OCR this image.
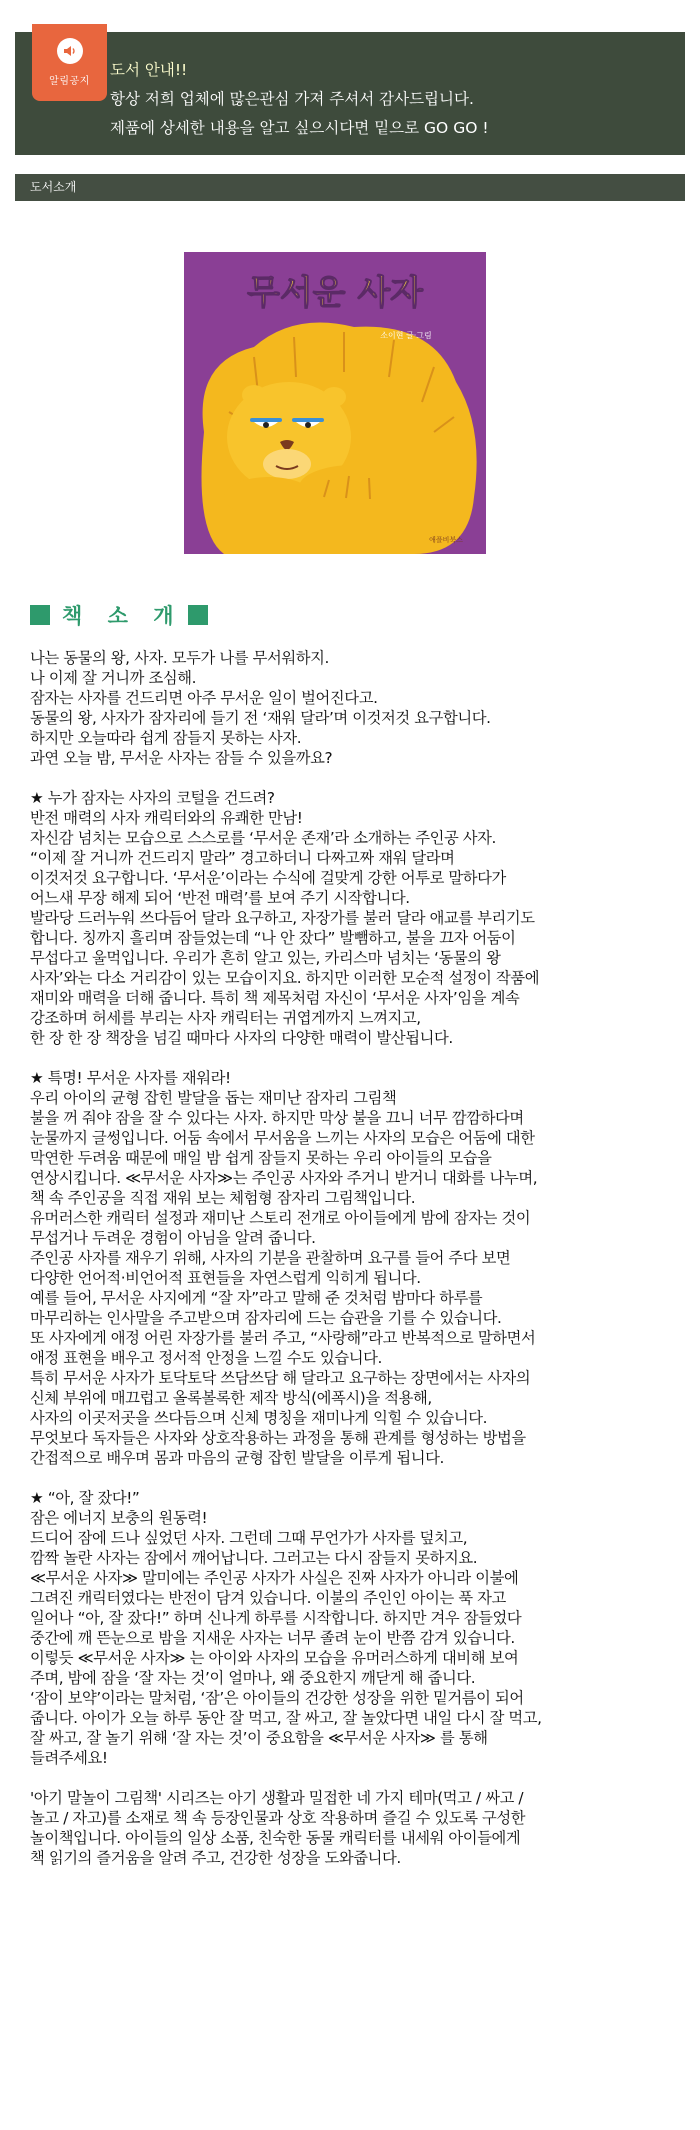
알림공지
도서 안내!!
항상 저희 업체에 많은관심 가져 주셔서 감사드립니다.
제품에 상세한 내용을 알고 싶으시다면 밑으로 GO GO !
도서소개
무서운 사자
소이현 글·그림
애플비북스
책 소 개
나는 동물의 왕, 사자. 모두가 나를 무서워하지.
나 이제 잘 거니까 조심해.
잠자는 사자를 건드리면 아주 무서운 일이 벌어진다고.
동물의 왕, 사자가 잠자리에 들기 전 ‘재워 달라’며 이것저것 요구합니다.
하지만 오늘따라 쉽게 잠들지 못하는 사자.
과연 오늘 밤, 무서운 사자는 잠들 수 있을까요?
★ 누가 잠자는 사자의 코털을 건드려?
반전 매력의 사자 캐릭터와의 유쾌한 만남!
자신감 넘치는 모습으로 스스로를 ‘무서운 존재’라 소개하는 주인공 사자.
“이제 잘 거니까 건드리지 말라” 경고하더니 다짜고짜 재워 달라며
이것저것 요구합니다. ‘무서운’이라는 수식에 걸맞게 강한 어투로 말하다가
어느새 무장 해제 되어 ‘반전 매력’를 보여 주기 시작합니다.
발라당 드러누워 쓰다듬어 달라 요구하고, 자장가를 불러 달라 애교를 부리기도
합니다. 칭까지 흘리며 잠들었는데 “나 안 잤다” 발뺌하고, 불을 끄자 어둠이
무섭다고 울먹입니다. 우리가 흔히 알고 있는, 카리스마 넘치는 ‘동물의 왕
사자’와는 다소 거리감이 있는 모습이지요. 하지만 이러한 모순적 설정이 작품에
재미와 매력을 더해 줍니다. 특히 책 제목처럼 자신이 ‘무서운 사자’임을 계속
강조하며 허세를 부리는 사자 캐릭터는 귀엽게까지 느껴지고,
한 장 한 장 책장을 넘길 때마다 사자의 다양한 매력이 발산됩니다.
★ 특명! 무서운 사자를 재워라!
우리 아이의 균형 잡힌 발달을 돕는 재미난 잠자리 그림책
불을 꺼 줘야 잠을 잘 수 있다는 사자. 하지만 막상 불을 끄니 너무 깜깜하다며
눈물까지 글썽입니다. 어둠 속에서 무서움을 느끼는 사자의 모습은 어둠에 대한
막연한 두려움 때문에 매일 밤 쉽게 잠들지 못하는 우리 아이들의 모습을
연상시킵니다. ≪무서운 사자≫는 주인공 사자와 주거니 받거니 대화를 나누며,
책 속 주인공을 직접 재워 보는 체험형 잠자리 그림책입니다.
유머러스한 캐릭터 설정과 재미난 스토리 전개로 아이들에게 밤에 잠자는 것이
무섭거나 두려운 경험이 아님을 알려 줍니다.
주인공 사자를 재우기 위해, 사자의 기분을 관찰하며 요구를 들어 주다 보면
다양한 언어적·비언어적 표현들을 자연스럽게 익히게 됩니다.
예를 들어, 무서운 사지에게 “잘 자”라고 말해 준 것처럼 밤마다 하루를
마무리하는 인사말을 주고받으며 잠자리에 드는 습관을 기를 수 있습니다.
또 사자에게 애정 어린 자장가를 불러 주고, “사랑해”라고 반복적으로 말하면서
애정 표현을 배우고 정서적 안정을 느낄 수도 있습니다.
특히 무서운 사자가 토닥토닥 쓰담쓰담 해 달라고 요구하는 장면에서는 사자의
신체 부위에 매끄럽고 올록볼록한 제작 방식(에폭시)을 적용해,
사자의 이곳저곳을 쓰다듬으며 신체 명칭을 재미나게 익힐 수 있습니다.
무엇보다 독자들은 사자와 상호작용하는 과정을 통해 관계를 형성하는 방법을
간접적으로 배우며 몸과 마음의 균형 잡힌 발달을 이루게 됩니다.
★ “아, 잘 잤다!”
잠은 에너지 보충의 원동력!
드디어 잠에 드나 싶었던 사자. 그런데 그때 무언가가 사자를 덮치고,
깜짝 놀란 사자는 잠에서 깨어납니다. 그러고는 다시 잠들지 못하지요.
≪무서운 사자≫ 말미에는 주인공 사자가 사실은 진짜 사자가 아니라 이불에
그려진 캐릭터였다는 반전이 담겨 있습니다. 이불의 주인인 아이는 푹 자고
일어나 “아, 잘 잤다!” 하며 신나게 하루를 시작합니다. 하지만 겨우 잠들었다
중간에 깨 뜬눈으로 밤을 지새운 사자는 너무 졸려 눈이 반쯤 감겨 있습니다.
이렇듯 ≪무서운 사자≫ 는 아이와 사자의 모습을 유머러스하게 대비해 보여
주며, 밤에 잠을 ‘잘 자는 것’이 얼마나, 왜 중요한지 깨닫게 해 줍니다.
‘잠이 보약’이라는 말처럼, ‘잠’은 아이들의 건강한 성장을 위한 밑거름이 되어
줍니다. 아이가 오늘 하루 동안 잘 먹고, 잘 싸고, 잘 놀았다면 내일 다시 잘 먹고,
잘 싸고, 잘 놀기 위해 ‘잘 자는 것’이 중요함을 ≪무서운 사자≫ 를 통해
들려주세요!
'아기 말놀이 그림책' 시리즈는 아기 생활과 밀접한 네 가지 테마(먹고 / 싸고 /
놀고 / 자고)를 소재로 책 속 등장인물과 상호 작용하며 즐길 수 있도록 구성한
놀이책입니다. 아이들의 일상 소품, 친숙한 동물 캐릭터를 내세워 아이들에게
책 읽기의 즐거움을 알려 주고, 건강한 성장을 도와줍니다.
